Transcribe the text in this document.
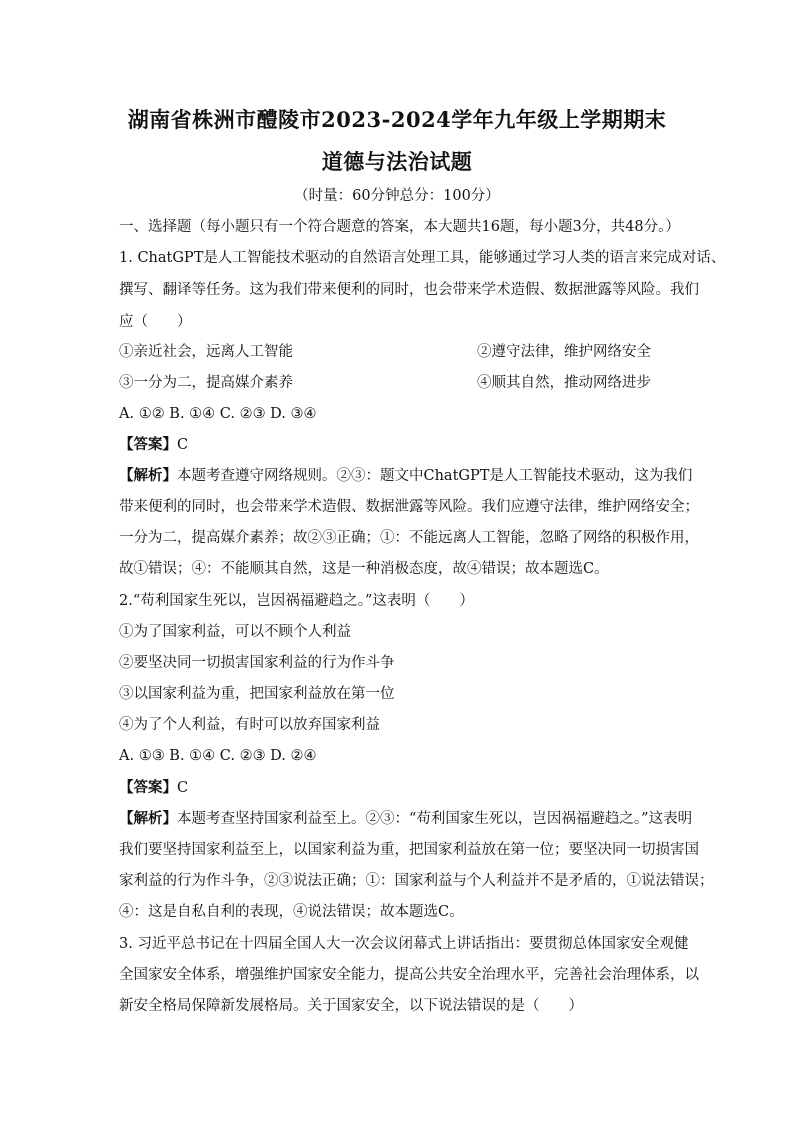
湖南省株洲市醴陵市2023-2024学年九年级上学期期末
道德与法治试题
（时量：60分钟总分：100分）
一、选择题（每小题只有一个符合题意的答案，本大题共16题，每小题3分，共48分。）
1. ChatGPT是人工智能技术驱动的自然语言处理工具，能够通过学习人类的语言来完成对话、
撰写、翻译等任务。这为我们带来便利的同时，也会带来学术造假、数据泄露等风险。我们
应（　　）
①亲近社会，远离人工智能	②遵守法律，维护网络安全
③一分为二，提高媒介素养	④顺其自然，推动网络进步
A. ①② B. ①④ C. ②③ D. ③④
【答案】C
【解析】本题考查遵守网络规则。②③：题文中ChatGPT是人工智能技术驱动，这为我们
带来便利的同时，也会带来学术造假、数据泄露等风险。我们应遵守法律，维护网络安全；
一分为二，提高媒介素养；故②③正确；①：不能远离人工智能，忽略了网络的积极作用，
故①错误；④：不能顺其自然，这是一种消极态度，故④错误；故本题选C。
2.“苟利国家生死以，岂因祸福避趋之。”这表明（　　）
①为了国家利益，可以不顾个人利益
②要坚决同一切损害国家利益的行为作斗争
③以国家利益为重，把国家利益放在第一位
④为了个人利益，有时可以放弃国家利益
A. ①③ B. ①④ C. ②③ D. ②④
【答案】C
【解析】本题考查坚持国家利益至上。②③：“苟利国家生死以，岂因祸福避趋之。”这表明
我们要坚持国家利益至上，以国家利益为重，把国家利益放在第一位；要坚决同一切损害国
家利益的行为作斗争，②③说法正确；①：国家利益与个人利益并不是矛盾的，①说法错误；
④：这是自私自利的表现，④说法错误；故本题选C。
3. 习近平总书记在十四届全国人大一次会议闭幕式上讲话指出：要贯彻总体国家安全观健
全国家安全体系，增强维护国家安全能力，提高公共安全治理水平，完善社会治理体系，以
新安全格局保障新发展格局。关于国家安全，以下说法错误的是（　　）
